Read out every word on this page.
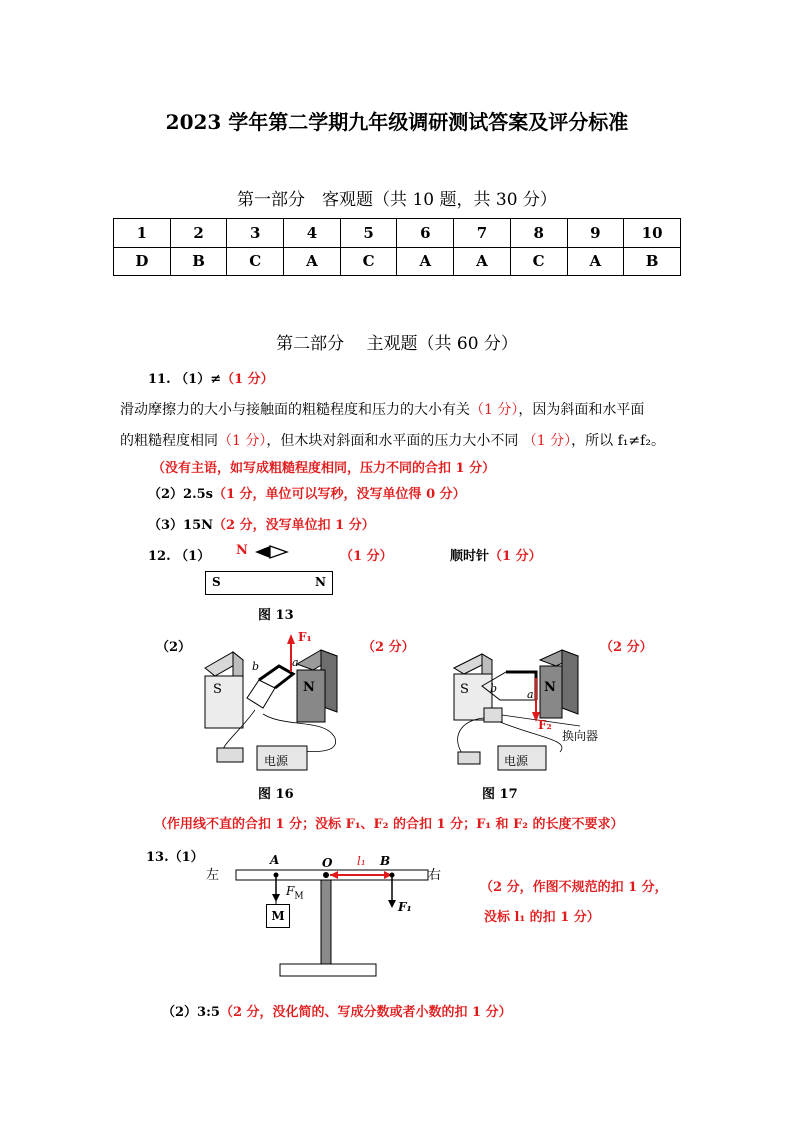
2023 学年第二学期九年级调研测试答案及评分标准
第一部分　客观题（共 10 题，共 30 分）
1	2	3	4	5	6	7	8	9	10
D	B	C	A	C	A	A	C	A	B
第二部分　 主观题（共 60 分）
11. （1）≠（1 分）
滑动摩擦力的大小与接触面的粗糙程度和压力的大小有关（1 分），因为斜面和水平面
的粗糙程度相同（1 分），但木块对斜面和水平面的压力大小不同 （1 分），所以 f₁≠f₂。
（没有主语，如写成粗糙程度相同，压力不同的合扣 1 分）
（2）2.5s（1 分，单位可以写秒，没写单位得 0 分）
（3）15N（2 分，没写单位扣 1 分）
12. （1） N	（1 分）	顺时针（1 分）
S	N
图 13
（2）	（2 分）	（2 分）
F₁
a
b
S	N
电源
图 16
b	a
S	N
F₂
换向器
电源
图 17
（作用线不直的合扣 1 分；没标 F₁、F₂ 的合扣 1 分；F₁ 和 F₂ 的长度不要求）
13.（1）
M
左	右
A	O l₁ B
$F_M$
F₁
（2 分，作图不规范的扣 1 分，
没标 l₁ 的扣 1 分）
（2）3:5（2 分，没化简的、写成分数或者小数的扣 1 分）
